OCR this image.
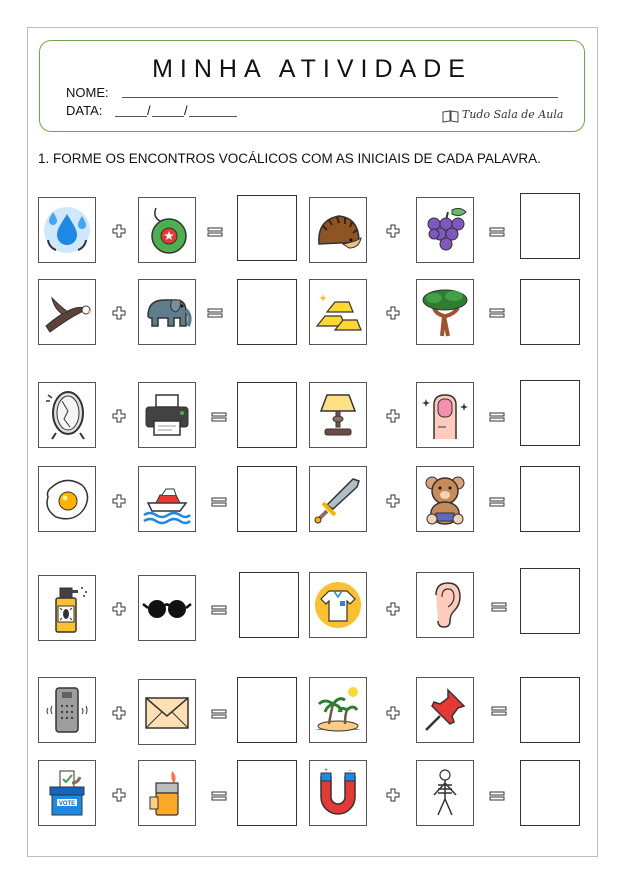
MINHA ATIVIDADE
NOME:
DATA:	/	/	Tudo Sala de Aula
1. FORME OS ENCONTROS VOCÁLICOS COM AS INICIAIS DE CADA PALAVRA.
VOTE
+	−
